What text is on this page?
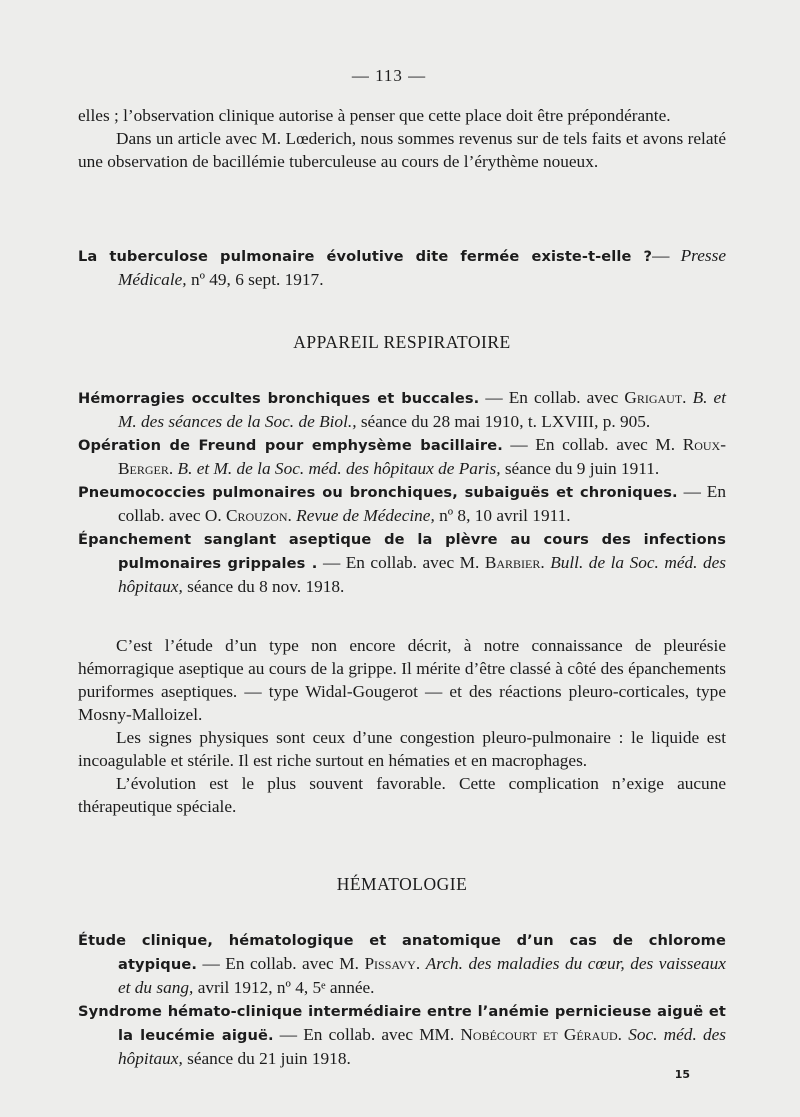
— 113 —

elles ; l’observation clinique autorise à penser que cette place doit être prépondérante.

Dans un article avec M. Lœderich, nous sommes revenus sur de tels faits et avons relaté une observation de bacillémie tuberculeuse au cours de l’érythème noueux.

La tuberculose pulmonaire évolutive dite fermée existe-t-elle ?— Presse Médicale, nº 49, 6 sept. 1917.

APPAREIL RESPIRATOIRE

Hémorragies occultes bronchiques et buccales. — En collab. avec Grigaut. B. et M. des séances de la Soc. de Biol., séance du 28 mai 1910, t. LXVIII, p. 905.

Opération de Freund pour emphysème bacillaire. — En collab. avec M. Roux-Berger. B. et M. de la Soc. méd. des hôpitaux de Paris, séance du 9 juin 1911.

Pneumococcies pulmonaires ou bronchiques, subaiguës et chroniques. — En collab. avec O. Crouzon. Revue de Médecine, nº 8, 10 avril 1911.

Épanchement sanglant aseptique de la plèvre au cours des infections pulmonaires grippales . — En collab. avec M. Barbier. Bull. de la Soc. méd. des hôpitaux, séance du 8 nov. 1918.

C’est l’étude d’un type non encore décrit, à notre connaissance de pleurésie hémorragique aseptique au cours de la grippe. Il mérite d’être classé à côté des épanchements puriformes aseptiques. — type Widal-Gougerot — et des réactions pleuro-corticales, type Mosny-Malloizel.

Les signes physiques sont ceux d’une congestion pleuro-pulmonaire : le liquide est incoagulable et stérile. Il est riche surtout en hématies et en macrophages.

L’évolution est le plus souvent favorable. Cette complication n’exige aucune thérapeutique spéciale.

HÉMATOLOGIE

Étude clinique, hématologique et anatomique d’un cas de chlorome atypique. — En collab. avec M. Pissavy. Arch. des maladies du cœur, des vaisseaux et du sang, avril 1912, nº 4, 5ᵉ année.

Syndrome hémato-clinique intermédiaire entre l’anémie pernicieuse aiguë et la leucémie aiguë. — En collab. avec MM. Nobécourt et Géraud. Soc. méd. des hôpitaux, séance du 21 juin 1918.

15
